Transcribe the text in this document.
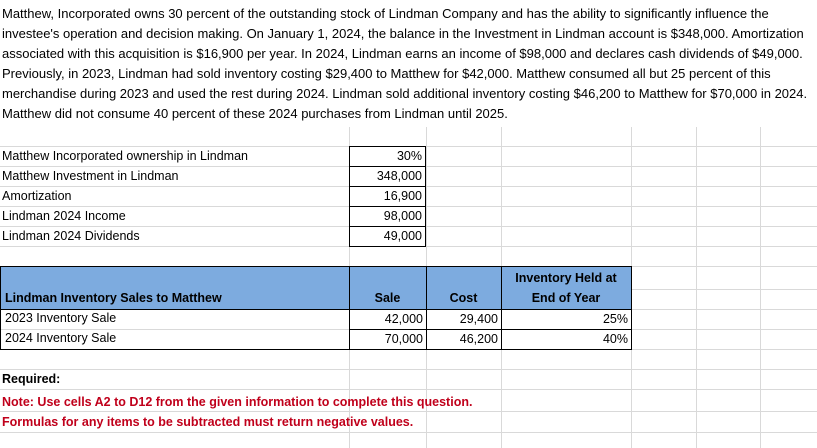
Matthew, Incorporated owns 30 percent of the outstanding stock of Lindman Company and has the ability to significantly influence the investee's operation and decision making. On January 1, 2024, the balance in the Investment in Lindman account is $348,000. Amortization associated with this acquisition is $16,900 per year. In 2024, Lindman earns an income of $98,000 and declares cash dividends of $49,000. Previously, in 2023, Lindman had sold inventory costing $29,400 to Matthew for $42,000. Matthew consumed all but 25 percent of this merchandise during 2023 and used the rest during 2024. Lindman sold additional inventory costing $46,200 to Matthew for $70,000 in 2024. Matthew did not consume 40 percent of these 2024 purchases from Lindman until 2025.
Matthew Incorporated ownership in Lindman	30%
Matthew Investment in Lindman	348,000
Amortization	16,900
Lindman 2024 Income	98,000
Lindman 2024 Dividends	49,000
Lindman Inventory Sales to Matthew	Sale	Cost
Inventory Held at
End of Year
2023 Inventory Sale	42,000	29,400	25%
2024 Inventory Sale	70,000	46,200	40%
Required:
Note: Use cells A2 to D12 from the given information to complete this question.
Formulas for any items to be subtracted must return negative values.
